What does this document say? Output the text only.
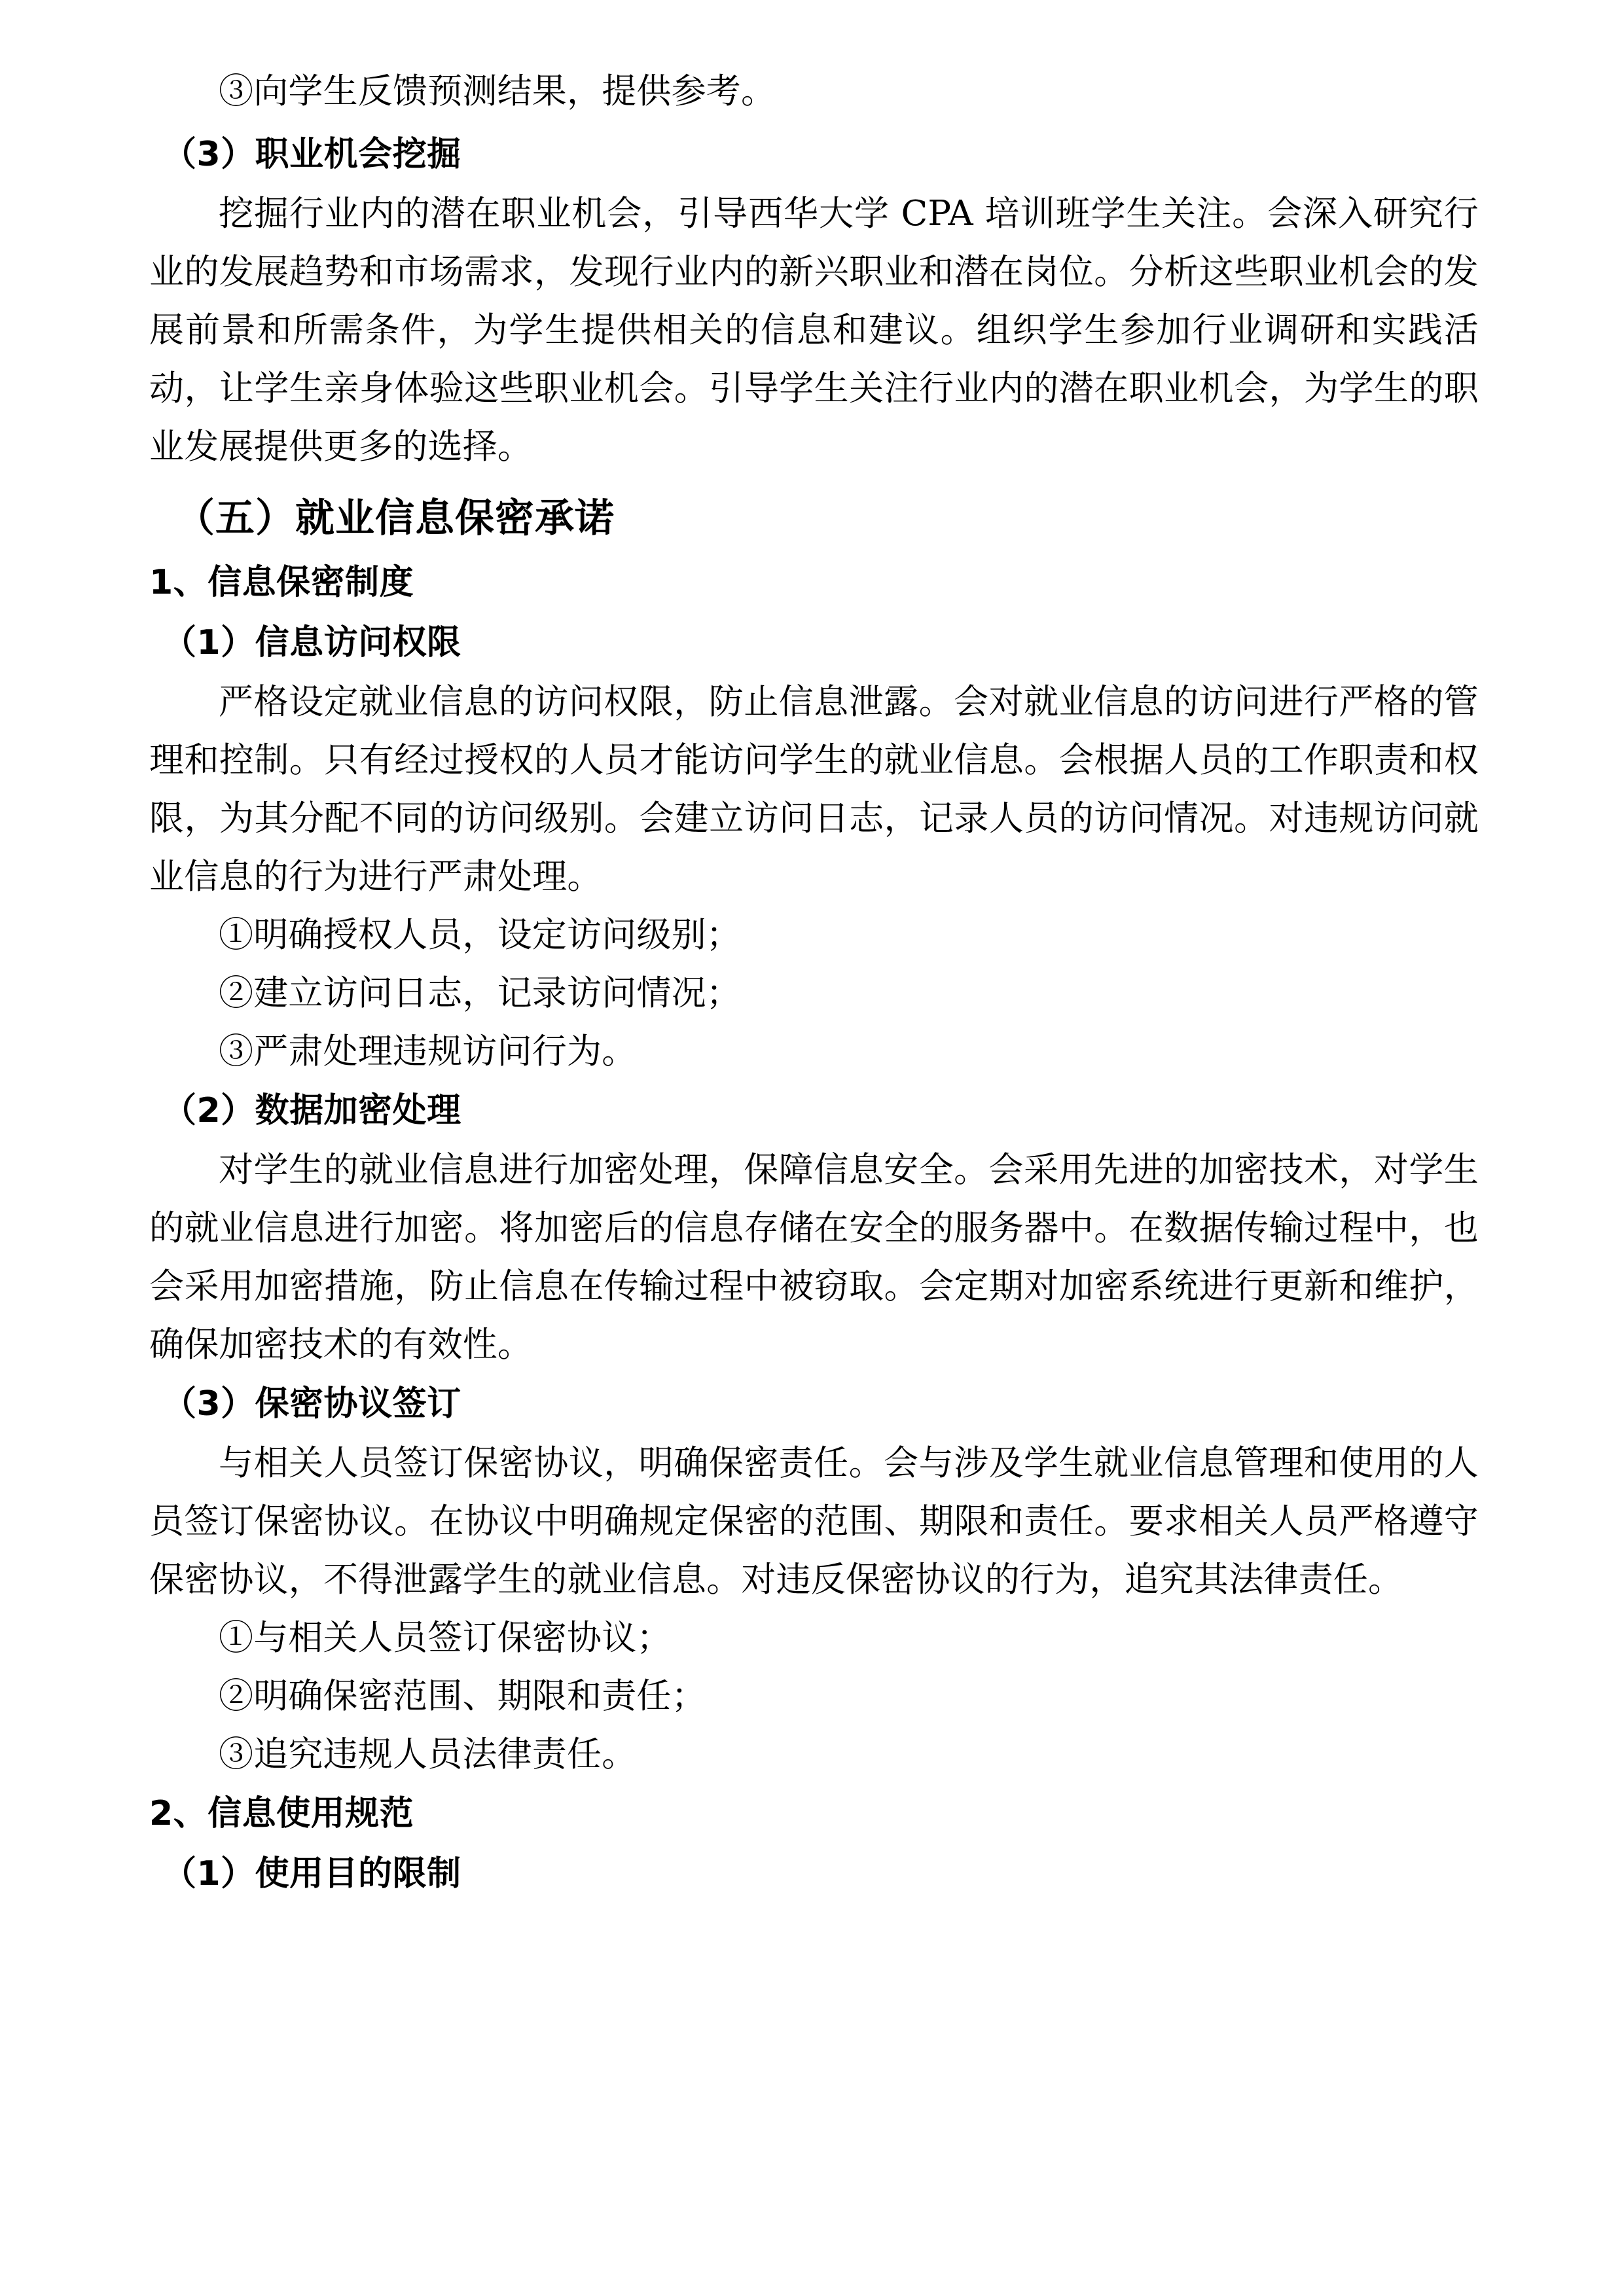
③向学生反馈预测结果，提供参考。

（3）职业机会挖掘

挖掘行业内的潜在职业机会，引导西华大学 CPA 培训班学生关注。会深入研究行业的发展趋势和市场需求，发现行业内的新兴职业和潜在岗位。分析这些职业机会的发展前景和所需条件，为学生提供相关的信息和建议。组织学生参加行业调研和实践活动，让学生亲身体验这些职业机会。引导学生关注行业内的潜在职业机会，为学生的职业发展提供更多的选择。

（五）就业信息保密承诺
1、信息保密制度
（1）信息访问权限

严格设定就业信息的访问权限，防止信息泄露。会对就业信息的访问进行严格的管理和控制。只有经过授权的人员才能访问学生的就业信息。会根据人员的工作职责和权限，为其分配不同的访问级别。会建立访问日志，记录人员的访问情况。对违规访问就业信息的行为进行严肃处理。

①明确授权人员，设定访问级别；

②建立访问日志，记录访问情况；

③严肃处理违规访问行为。

（2）数据加密处理

对学生的就业信息进行加密处理，保障信息安全。会采用先进的加密技术，对学生的就业信息进行加密。将加密后的信息存储在安全的服务器中。在数据传输过程中，也会采用加密措施，防止信息在传输过程中被窃取。会定期对加密系统进行更新和维护，确保加密技术的有效性。

（3）保密协议签订

与相关人员签订保密协议，明确保密责任。会与涉及学生就业信息管理和使用的人员签订保密协议。在协议中明确规定保密的范围、期限和责任。要求相关人员严格遵守保密协议，不得泄露学生的就业信息。对违反保密协议的行为，追究其法律责任。

①与相关人员签订保密协议；

②明确保密范围、期限和责任；

③追究违规人员法律责任。

2、信息使用规范
（1）使用目的限制
